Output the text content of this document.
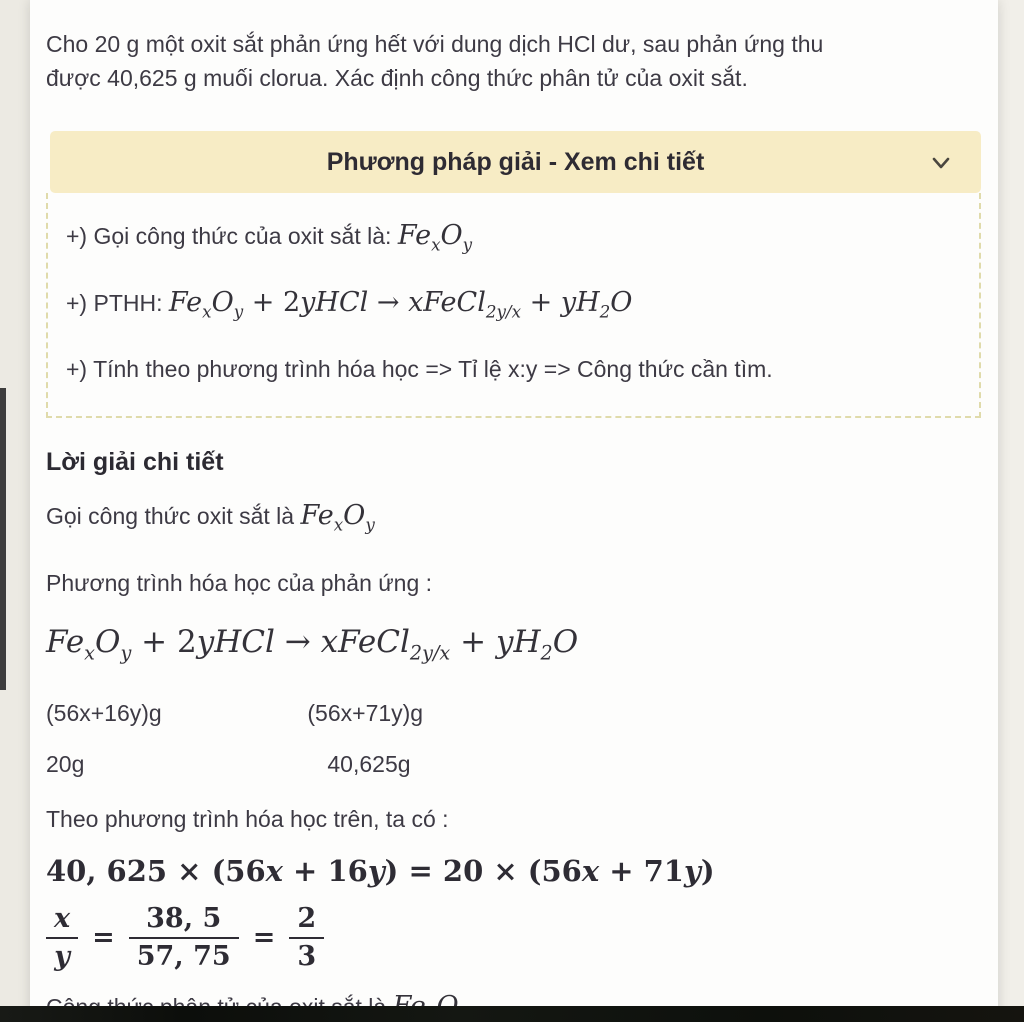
Cho 20 g một oxit sắt phản ứng hết với dung dịch HCl dư, sau phản ứng thu
được 40,625 g muối clorua. Xác định công thức phân tử của oxit sắt.
Phương pháp giải - Xem chi tiết
+) Gọi công thức của oxit sắt là: $Fe_xO_y$
+) PTHH: $Fe_xO_y$ + 2yHCl → xFeCl$_{2y/x}$ + $yH_2O$
+) Tính theo phương trình hóa học => Tỉ lệ x:y => Công thức cần tìm.
Lời giải chi tiết
Gọi công thức oxit sắt là $Fe_xO_y$
Phương trình hóa học của phản ứng :
$Fe_xO_y$ + 2yHCl → xFeCl$_{2y/x}$ + $yH_2O$
(56x+16y)g	(56x+71y)g
20g	40,625g
Theo phương trình hóa học trên, ta có :
40, 625 × (56x + 16y) = 20 × (56x + 71y)
$\frac{x}{y} = \frac{38, 5}{57, 75} = \frac{2}{3}$
